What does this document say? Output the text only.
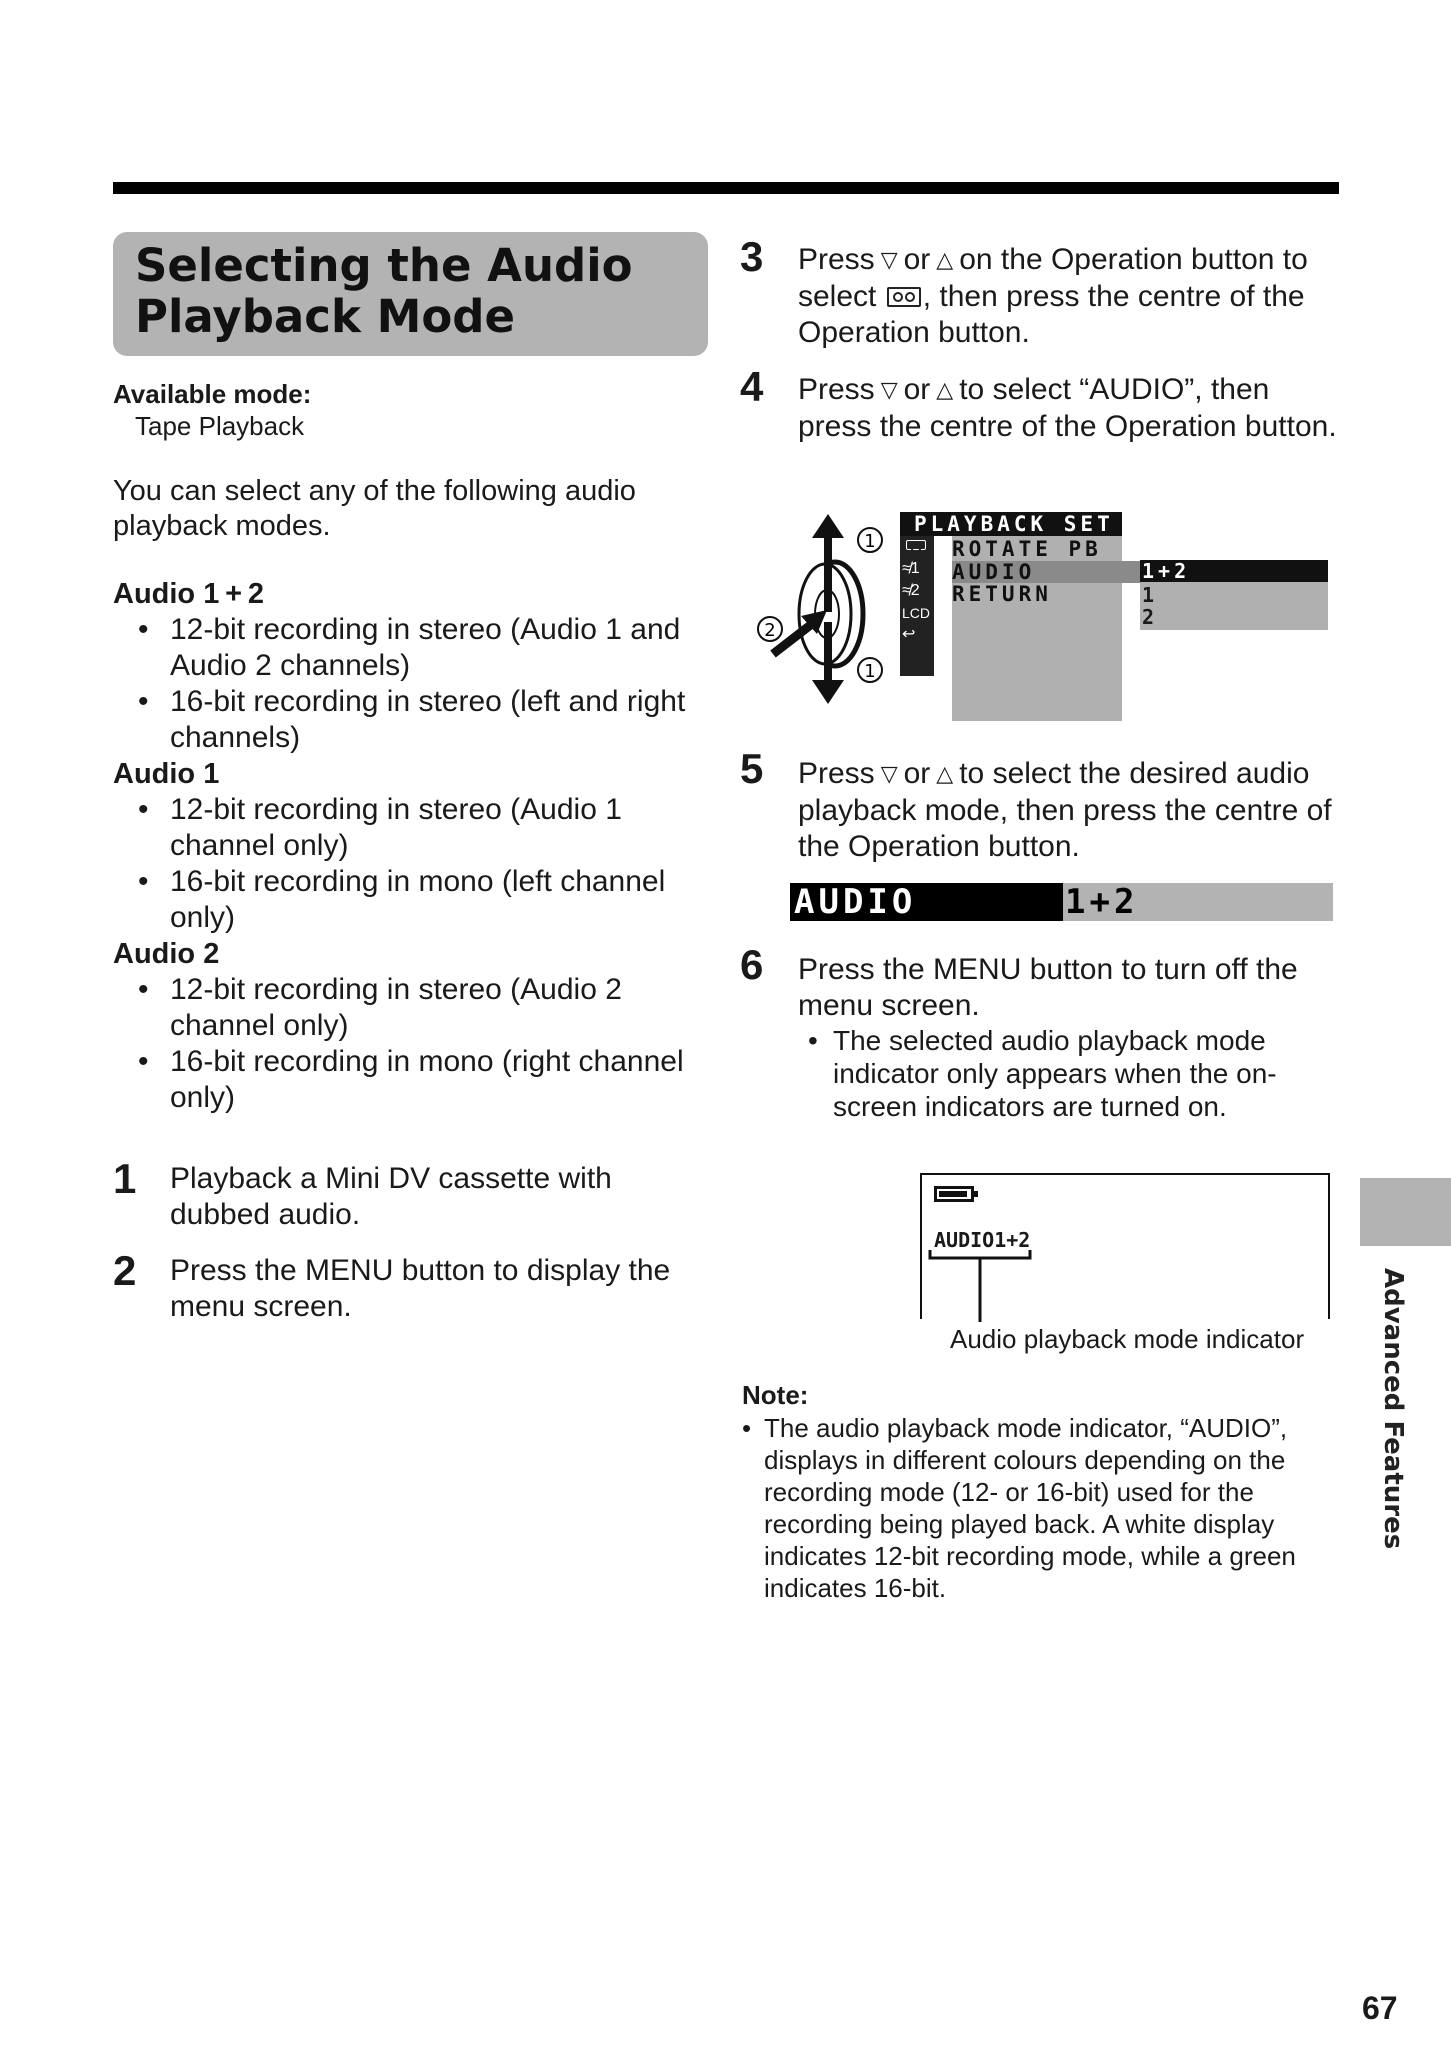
Selecting the Audio
Playback Mode
Available mode:
Tape Playback
You can select any of the following audio playback modes.
Audio 1 + 2
• 12-bit recording in stereo (Audio 1 and Audio 2 channels)
• 16-bit recording in stereo (left and right channels)
Audio 1
• 12-bit recording in stereo (Audio 1 channel only)
• 16-bit recording in mono (left channel only)
Audio 2
• 12-bit recording in stereo (Audio 2 channel only)
• 16-bit recording in mono (right channel only)
1 Playback a Mini DV cassette with dubbed audio.
2 Press the MENU button to display the menu screen.
3 Press ▽ or △ on the Operation button to select , then press the centre of the Operation button.
4 Press ▽ or △ to select “AUDIO”, then press the centre of the Operation button.
1
2
1
PLAYBACK SET
≉1
≉2
LCD
↩
ROTATE PB
AUDIO
RETURN
1+2
1
2
5 Press ▽ or △ to select the desired audio playback mode, then press the centre of the Operation button.
AUDIO	1+2
6 Press the MENU button to turn off the menu screen.
• The selected audio playback mode indicator only appears when the on-screen indicators are turned on.
AUDIO1+2
Audio playback mode indicator
Note:
• The audio playback mode indicator, “AUDIO”, displays in different colours depending on the recording mode (12- or 16-bit) used for the recording being played back. A white display indicates 12-bit recording mode, while a green indicates 16-bit.
Advanced Features
67
